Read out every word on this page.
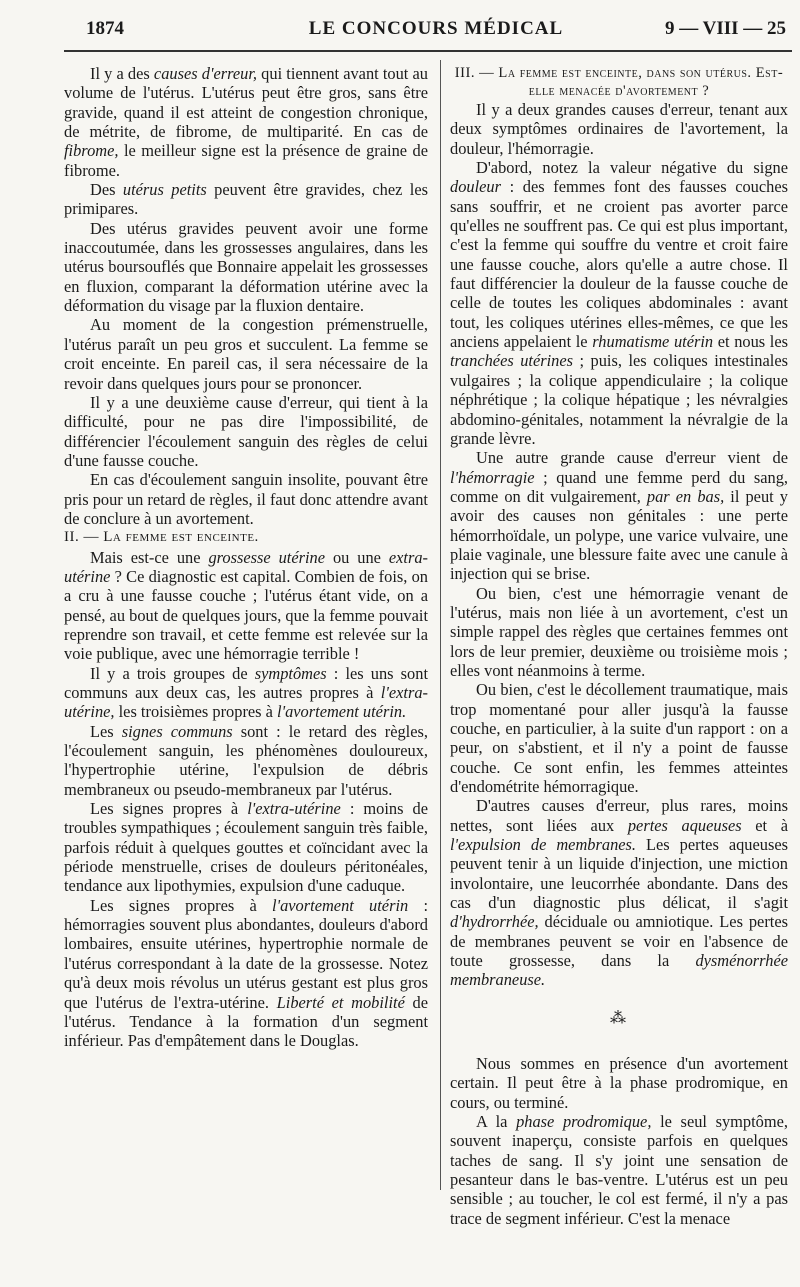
1874	LE CONCOURS MÉDICAL	9 — VIII — 25

Il y a des causes d'erreur, qui tiennent avant tout au volume de l'utérus. L'utérus peut être gros, sans être gravide, quand il est atteint de congestion chronique, de métrite, de fibrome, de multiparité. En cas de fibrome, le meilleur signe est la présence de graine de fibrome.

Des utérus petits peuvent être gravides, chez les primipares.

Des utérus gravides peuvent avoir une forme inaccoutumée, dans les grossesses angulaires, dans les utérus boursouflés que Bonnaire appelait les grossesses en fluxion, comparant la déformation utérine avec la déformation du visage par la fluxion dentaire.

Au moment de la congestion prémenstruelle, l'utérus paraît un peu gros et succulent. La femme se croit enceinte. En pareil cas, il sera nécessaire de la revoir dans quelques jours pour se prononcer.

Il y a une deuxième cause d'erreur, qui tient à la difficulté, pour ne pas dire l'impossibilité, de différencier l'écoulement sanguin des règles de celui d'une fausse couche.

En cas d'écoulement sanguin insolite, pouvant être pris pour un retard de règles, il faut donc attendre avant de conclure à un avortement.

II. — La femme est enceinte.

Mais est-ce une grossesse utérine ou une extra-utérine ? Ce diagnostic est capital. Combien de fois, on a cru à une fausse couche ; l'utérus étant vide, on a pensé, au bout de quelques jours, que la femme pouvait reprendre son travail, et cette femme est relevée sur la voie publique, avec une hémorragie terrible !

Il y a trois groupes de symptômes : les uns sont communs aux deux cas, les autres propres à l'extra-utérine, les troisièmes propres à l'avortement utérin.

Les signes communs sont : le retard des règles, l'écoulement sanguin, les phénomènes douloureux, l'hypertrophie utérine, l'expulsion de débris membraneux ou pseudo-membraneux par l'utérus.

Les signes propres à l'extra-utérine : moins de troubles sympathiques ; écoulement sanguin très faible, parfois réduit à quelques gouttes et coïncidant avec la période menstruelle, crises de douleurs péritonéales, tendance aux lipothymies, expulsion d'une caduque.

Les signes propres à l'avortement utérin : hémorragies souvent plus abondantes, douleurs d'abord lombaires, ensuite utérines, hypertrophie normale de l'utérus correspondant à la date de la grossesse. Notez qu'à deux mois révolus un utérus gestant est plus gros que l'utérus de l'extra-utérine. Liberté et mobilité de l'utérus. Tendance à la formation d'un segment inférieur. Pas d'empâtement dans le Douglas.

III. — La femme est enceinte, dans son utérus. Est-elle menacée d'avortement ?

Il y a deux grandes causes d'erreur, tenant aux deux symptômes ordinaires de l'avortement, la douleur, l'hémorragie.

D'abord, notez la valeur négative du signe douleur : des femmes font des fausses couches sans souffrir, et ne croient pas avorter parce qu'elles ne souffrent pas. Ce qui est plus important, c'est la femme qui souffre du ventre et croit faire une fausse couche, alors qu'elle a autre chose. Il faut différencier la douleur de la fausse couche de celle de toutes les coliques abdominales : avant tout, les coliques utérines elles-mêmes, ce que les anciens appelaient le rhumatisme utérin et nous les tranchées utérines ; puis, les coliques intestinales vulgaires ; la colique appendiculaire ; la colique néphrétique ; la colique hépatique ; les névralgies abdomino-génitales, notamment la névralgie de la grande lèvre.

Une autre grande cause d'erreur vient de l'hémorragie ; quand une femme perd du sang, comme on dit vulgairement, par en bas, il peut y avoir des causes non génitales : une perte hémorrhoïdale, un polype, une varice vulvaire, une plaie vaginale, une blessure faite avec une canule à injection qui se brise.

Ou bien, c'est une hémorragie venant de l'utérus, mais non liée à un avortement, c'est un simple rappel des règles que certaines femmes ont lors de leur premier, deuxième ou troisième mois ; elles vont néanmoins à terme.

Ou bien, c'est le décollement traumatique, mais trop momentané pour aller jusqu'à la fausse couche, en particulier, à la suite d'un rapport : on a peur, on s'abstient, et il n'y a point de fausse couche. Ce sont enfin, les femmes atteintes d'endométrite hémorragique.

D'autres causes d'erreur, plus rares, moins nettes, sont liées aux pertes aqueuses et à l'expulsion de membranes. Les pertes aqueuses peuvent tenir à un liquide d'injection, une miction involontaire, une leucorrhée abondante. Dans des cas d'un diagnostic plus délicat, il s'agit d'hydrorrhée, déciduale ou amniotique. Les pertes de membranes peuvent se voir en l'absence de toute grossesse, dans la dysménorrhée membraneuse.

⁂

Nous sommes en présence d'un avortement certain. Il peut être à la phase prodromique, en cours, ou terminé.

A la phase prodromique, le seul symptôme, souvent inaperçu, consiste parfois en quelques taches de sang. Il s'y joint une sensation de pesanteur dans le bas-ventre. L'utérus est un peu sensible ; au toucher, le col est fermé, il n'y a pas trace de segment inférieur. C'est la menace
